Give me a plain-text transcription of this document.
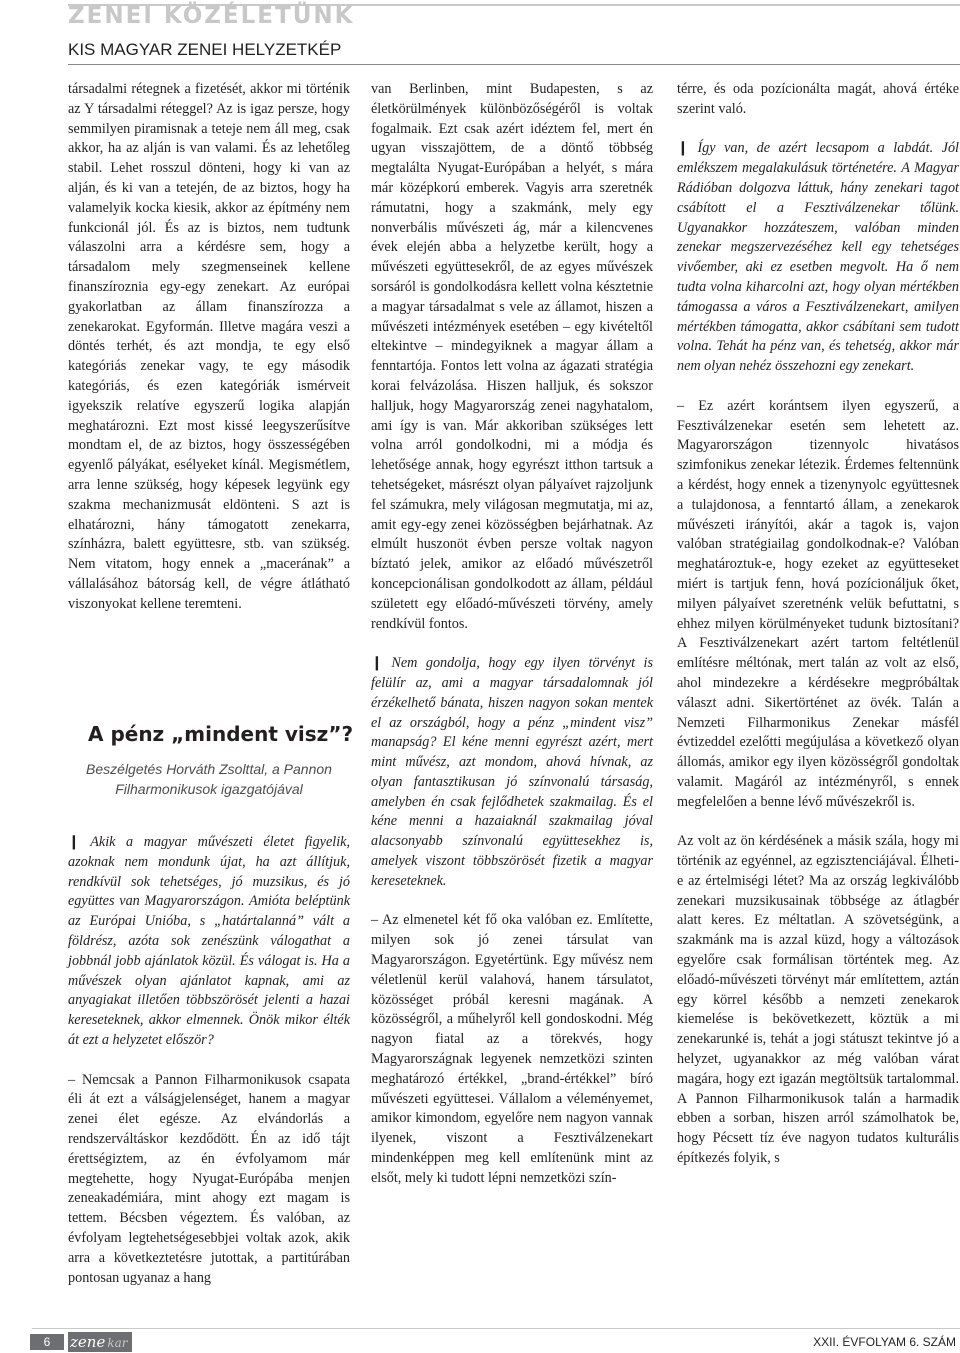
ZENEI KÖZÉLETÜNK
KIS MAGYAR ZENEI HELYZETKÉP

társadalmi rétegnek a fizetését, akkor mi történik az Y társadalmi réteggel? Az is igaz persze, hogy semmilyen piramisnak a teteje nem áll meg, csak akkor, ha az alján is van valami. És az lehetőleg stabil. Lehet rosszul dönteni, hogy ki van az alján, és ki van a tetején, de az biztos, hogy ha valamelyik kocka kiesik, akkor az építmény nem funkcionál jól. És az is biztos, nem tudtunk válaszolni arra a kérdésre sem, hogy a társadalom mely szegmenseinek kellene finanszíroznia egy-egy zenekart. Az európai gyakorlatban az állam finanszírozza a zenekarokat. Egyformán. Illetve magára veszi a döntés terhét, és azt mondja, te egy első kategóriás zenekar vagy, te egy második kategóriás, és ezen kategóriák ismérveit igyekszik relatíve egyszerű logika alapján meghatározni. Ezt most kissé leegyszerűsítve mondtam el, de az biztos, hogy összességében egyenlő pályákat, esélyeket kínál. Megismétlem, arra lenne szükség, hogy képesek legyünk egy szakma mechanizmusát eldönteni. S azt is elhatározni, hány támogatott zenekarra, színházra, balett együttesre, stb. van szükség. Nem vitatom, hogy ennek a „macerának” a vállalásához bátorság kell, de végre átlátható viszonyokat kellene teremteni.

A pénz „mindent visz”?

Beszélgetés Horváth Zsolttal, a Pannon Filharmonikusok igazgatójával

❙ Akik a magyar művészeti életet figyelik, azoknak nem mondunk újat, ha azt állítjuk, rendkívül sok tehetséges, jó muzsikus, és jó együttes van Magyarországon. Amióta beléptünk az Európai Unióba, s „határtalanná” vált a földrész, azóta sok zenészünk válogathat a jobbnál jobb ajánlatok közül. És válogat is. Ha a művészek olyan ajánlatot kapnak, ami az anyagiakat illetően többszörösét jelenti a hazai kereseteknek, akkor elmennek. Önök mikor élték át ezt a helyzetet először?

– Nemcsak a Pannon Filharmonikusok csapata éli át ezt a válságjelenséget, hanem a magyar zenei élet egésze. Az elvándorlás a rendszerváltáskor kezdődött. Én az idő tájt érettségiztem, az én évfolyamom már megtehette, hogy Nyugat-Európába menjen zeneakadémiára, mint ahogy ezt magam is tettem. Bécsben végeztem. És valóban, az évfolyam legtehetségesebbjei voltak azok, akik arra a következtetésre jutottak, a partitúrában pontosan ugyanaz a hang

van Berlinben, mint Budapesten, s az életkörülmények különbözőségéről is voltak fogalmaik. Ezt csak azért idéztem fel, mert én ugyan visszajöttem, de a döntő többség megtalálta Nyugat-Európában a helyét, s mára már középkorú emberek. Vagyis arra szeretnék rámutatni, hogy a szakmánk, mely egy nonverbális művészeti ág, már a kilencvenes évek elején abba a helyzetbe került, hogy a művészeti együttesekről, de az egyes művészek sorsáról is gondolkodásra kellett volna késztetnie a magyar társadalmat s vele az államot, hiszen a művészeti intézmények esetében – egy kivételtől eltekintve – mindegyiknek a magyar állam a fenntartója. Fontos lett volna az ágazati stratégia korai felvázolása. Hiszen halljuk, és sokszor halljuk, hogy Magyarország zenei nagyhatalom, ami így is van. Már akkoriban szükséges lett volna arról gondolkodni, mi a módja és lehetősége annak, hogy egyrészt itthon tartsuk a tehetségeket, másrészt olyan pályaívet rajzoljunk fel számukra, mely világosan megmutatja, mi az, amit egy-egy zenei közösségben bejárhatnak. Az elmúlt huszonöt évben persze voltak nagyon bíztató jelek, amikor az előadó művészetről koncepcionálisan gondolkodott az állam, például született egy előadó-művészeti törvény, amely rendkívül fontos.

❙ Nem gondolja, hogy egy ilyen törvényt is felülír az, ami a magyar társadalomnak jól érzékelhető bánata, hiszen nagyon sokan mentek el az országból, hogy a pénz „mindent visz” manapság? El kéne menni egyrészt azért, mert mint művész, azt mondom, ahová hívnak, az olyan fantasztikusan jó színvonalú társaság, amelyben én csak fejlődhetek szakmailag. És el kéne menni a hazaiaknál szakmailag jóval alacsonyabb színvonalú együttesekhez is, amelyek viszont többszörösét fizetik a magyar kereseteknek.

– Az elmenetel két fő oka valóban ez. Említette, milyen sok jó zenei társulat van Magyarországon. Egyetértünk. Egy művész nem véletlenül kerül valahová, hanem társulatot, közösséget próbál keresni magának. A közösségről, a műhelyről kell gondoskodni. Még nagyon fiatal az a törekvés, hogy Magyarországnak legyenek nemzetközi szinten meghatározó értékkel, „brand-értékkel” bíró művészeti együttesei. Vállalom a véleményemet, amikor kimondom, egyelőre nem nagyon vannak ilyenek, viszont a Fesztiválzenekart mindenképpen meg kell említenünk mint az elsőt, mely ki tudott lépni nemzetközi szín-

térre, és oda pozícionálta magát, ahová értéke szerint való.

❙ Így van, de azért lecsapom a labdát. Jól emlékszem megalakulásuk történetére. A Magyar Rádióban dolgozva láttuk, hány zenekari tagot csábított el a Fesztiválzenekar tőlünk. Ugyanakkor hozzáteszem, valóban minden zenekar megszervezéséhez kell egy tehetséges vivőember, aki ez esetben megvolt. Ha ő nem tudta volna kiharcolni azt, hogy olyan mértékben támogassa a város a Fesztiválzenekart, amilyen mértékben támogatta, akkor csábítani sem tudott volna. Tehát ha pénz van, és tehetség, akkor már nem olyan nehéz összehozni egy zenekart.

– Ez azért korántsem ilyen egyszerű, a Fesztiválzenekar esetén sem lehetett az. Magyarországon tizennyolc hivatásos szimfonikus zenekar létezik. Érdemes feltennünk a kérdést, hogy ennek a tizenynyolc együttesnek a tulajdonosa, a fenntartó állam, a zenekarok művészeti irányítói, akár a tagok is, vajon valóban stratégiailag gondolkodnak-e? Valóban meghatároztuk-e, hogy ezeket az együtteseket miért is tartjuk fenn, hová pozícionáljuk őket, milyen pályaívet szeretnénk velük befuttatni, s ehhez milyen körülményeket tudunk biztosítani? A Fesztiválzenekart azért tartom feltétlenül említésre méltónak, mert talán az volt az első, ahol mindezekre a kérdésekre megpróbáltak választ adni. Sikertörténet az övék. Talán a Nemzeti Filharmonikus Zenekar másfél évtizeddel ezelőtti megújulása a következő olyan állomás, amikor egy ilyen közösségről gondoltak valamit. Magáról az intézményről, s ennek megfelelően a benne lévő művészekről is.

Az volt az ön kérdésének a másik szála, hogy mi történik az egyénnel, az egzisztenciájával. Élheti-e az értelmiségi létet? Ma az ország legkiválóbb zenekari muzsikusainak többsége az átlagbér alatt keres. Ez méltatlan. A szövetségünk, a szakmánk ma is azzal küzd, hogy a változások egyelőre csak formálisan történtek meg. Az előadó-művészeti törvényt már említettem, aztán egy körrel később a nemzeti zenekarok kiemelése is bekövetkezett, köztük a mi zenekarunké is, tehát a jogi státuszt tekintve jó a helyzet, ugyanakkor az még valóban várat magára, hogy ezt igazán megtöltsük tartalommal. A Pannon Filharmonikusok talán a harmadik ebben a sorban, hiszen arról számolhatok be, hogy Pécsett tíz éve nagyon tudatos kulturális építkezés folyik, s

6	zene kar	XXII. ÉVFOLYAM 6. SZÁM
